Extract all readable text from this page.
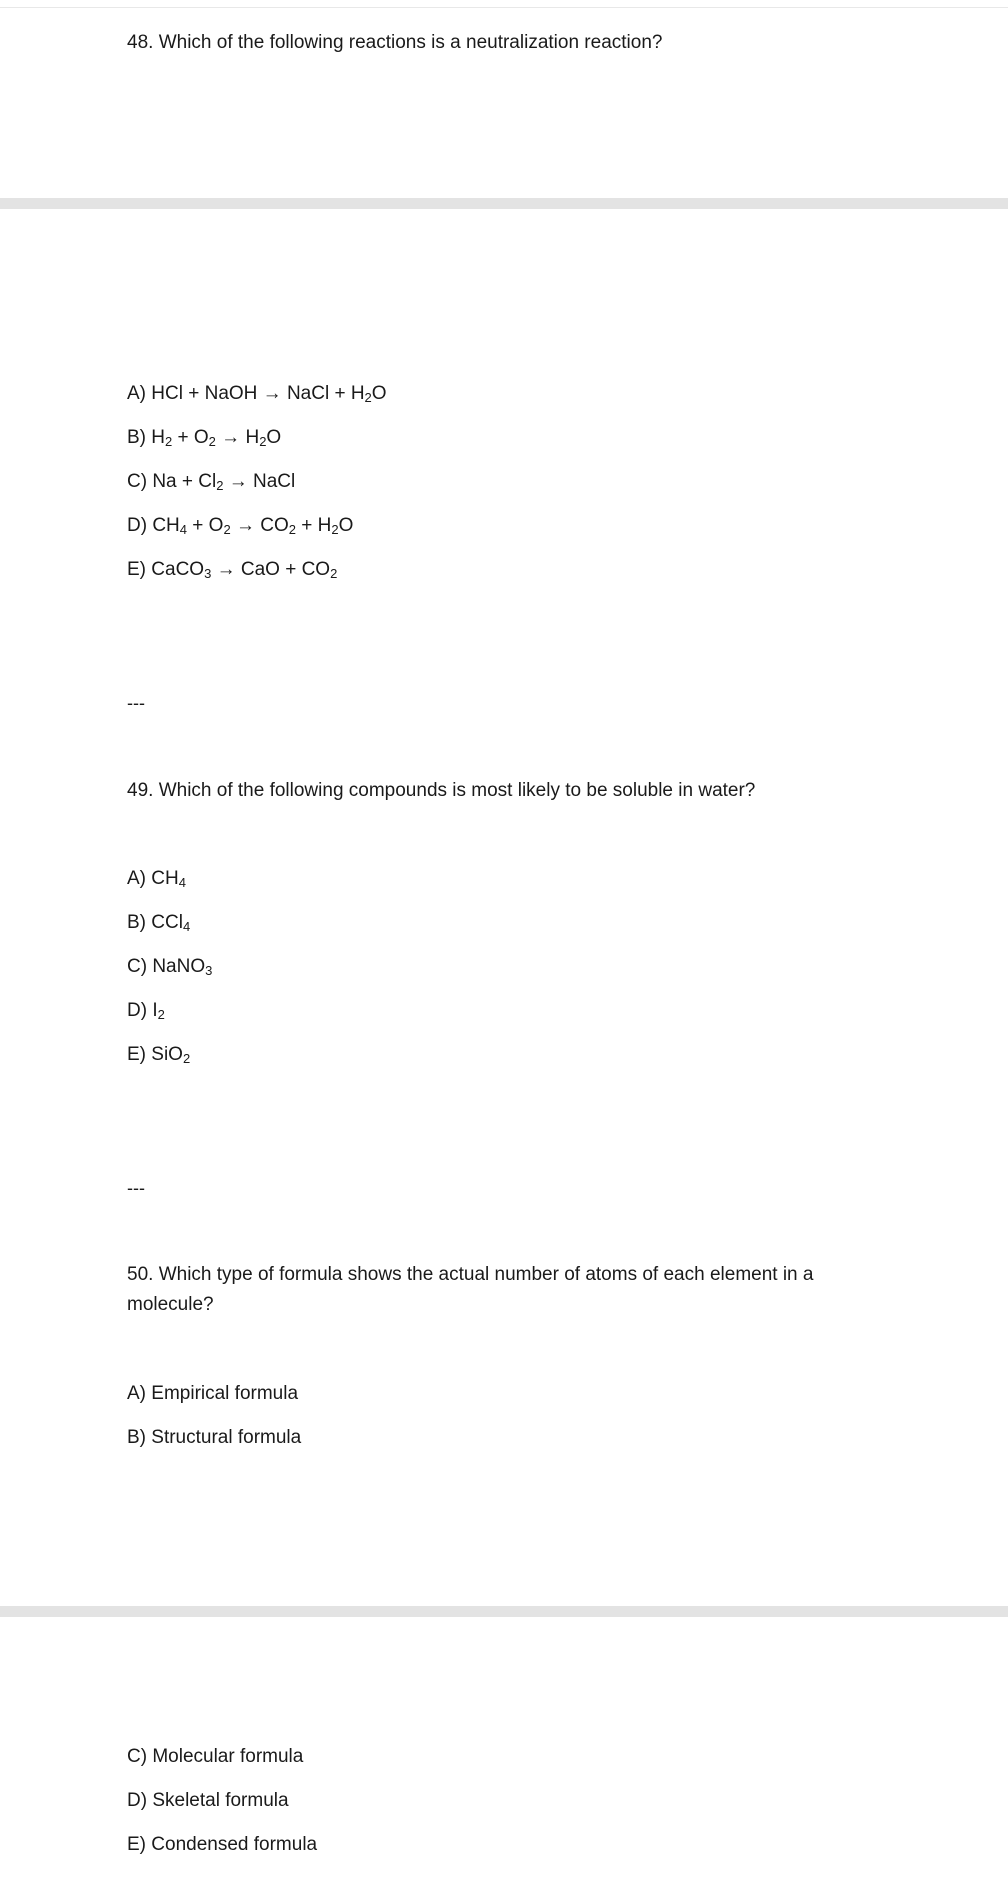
48. Which of the following reactions is a neutralization reaction?
A) HCl + NaOH → NaCl + $H_2O$
B) $H_2 + O_2 \to H_2O$
C) $Na + Cl_2$ → NaCl
D) $CH_4 + O_2 \to CO_2 + H_2O$
E) CaCO$_3$ → CaO + $CO_2$
---
49. Which of the following compounds is most likely to be soluble in water?
A) $CH_4$
B) CCl$_4$
C) NaNO$_3$
D) $I_2$
E) SiO$_2$
---
50. Which type of formula shows the actual number of atoms of each element in a molecule?
A) Empirical formula
B) Structural formula
C) Molecular formula
D) Skeletal formula
E) Condensed formula
